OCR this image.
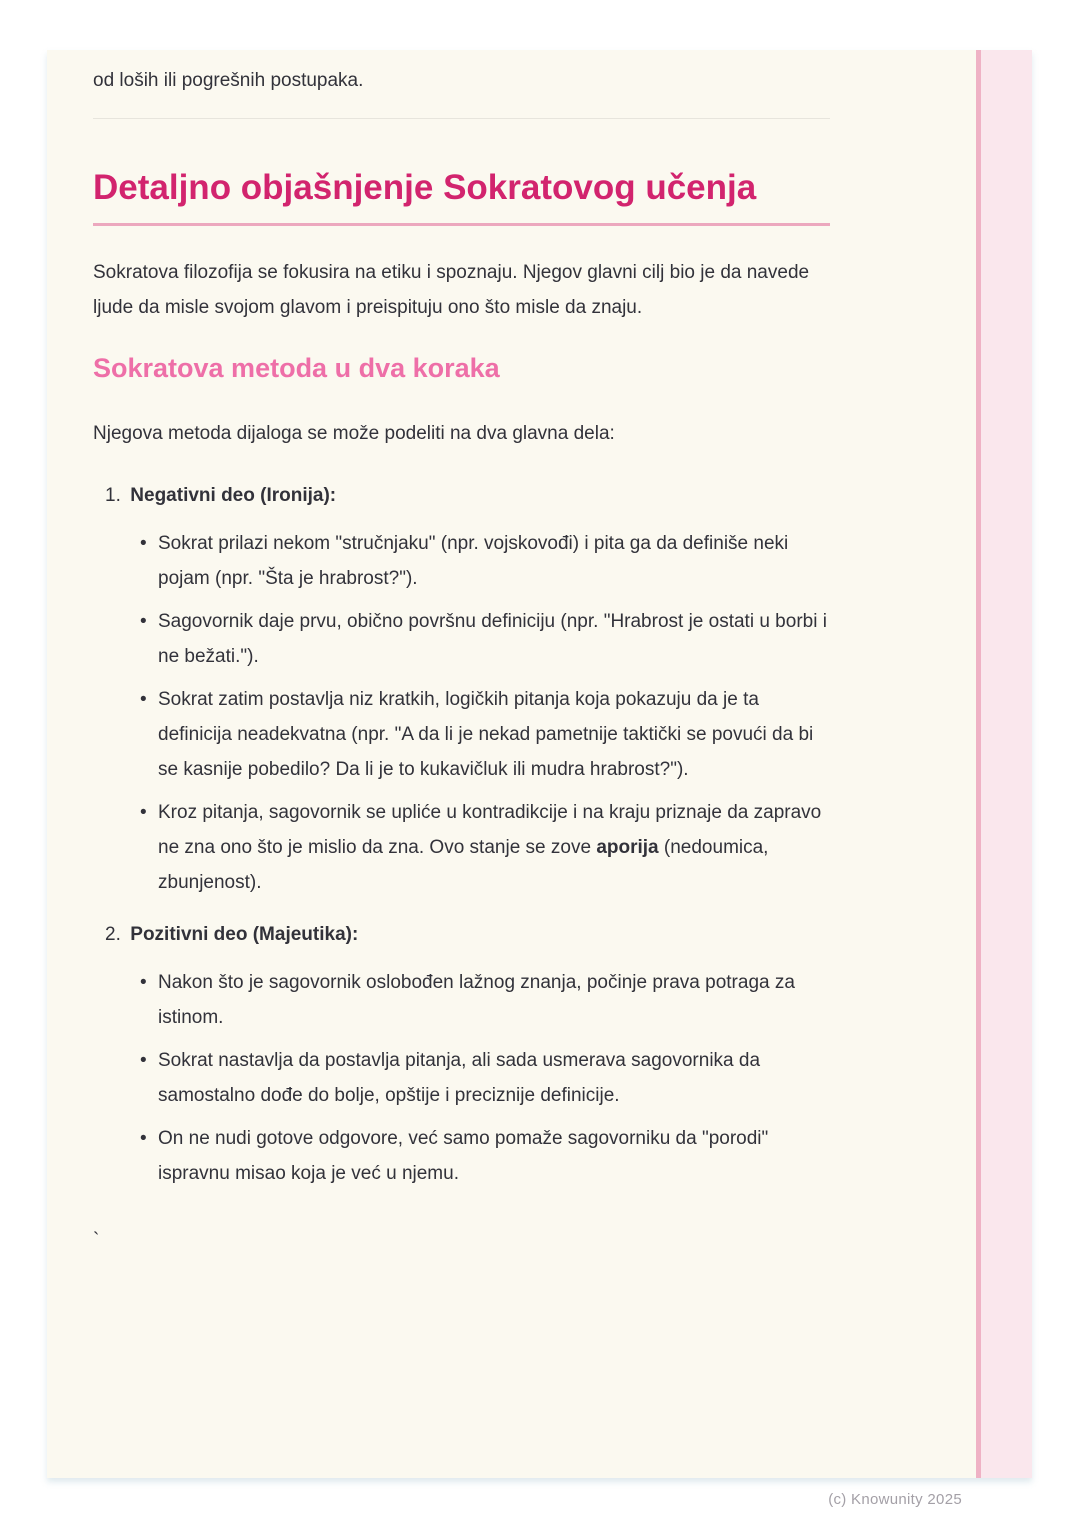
od loših ili pogrešnih postupaka.

Detaljno objašnjenje Sokratovog učenja

Sokratova filozofija se fokusira na etiku i spoznaju. Njegov glavni cilj bio je da navede ljude da misle svojom glavom i preispituju ono što misle da znaju.

Sokratova metoda u dva koraka

Njegova metoda dijaloga se može podeliti na dva glavna dela:

1. Negativni deo (Ironija):
• Sokrat prilazi nekom "stručnjaku" (npr. vojskovođi) i pita ga da definiše neki pojam (npr. "Šta je hrabrost?").
• Sagovornik daje prvu, obično površnu definiciju (npr. "Hrabrost je ostati u borbi i ne bežati.").
• Sokrat zatim postavlja niz kratkih, logičkih pitanja koja pokazuju da je ta definicija neadekvatna (npr. "A da li je nekad pametnije taktički se povući da bi se kasnije pobedilo? Da li je to kukavičluk ili mudra hrabrost?").
• Kroz pitanja, sagovornik se upliće u kontradikcije i na kraju priznaje da zapravo ne zna ono što je mislio da zna. Ovo stanje se zove aporija (nedoumica, zbunjenost).
2. Pozitivni deo (Majeutika):
• Nakon što je sagovornik oslobođen lažnog znanja, počinje prava potraga za istinom.
• Sokrat nastavlja da postavlja pitanja, ali sada usmerava sagovornika da samostalno dođe do bolje, opštije i preciznije definicije.
• On ne nudi gotove odgovore, već samo pomaže sagovorniku da "porodi" ispravnu misao koja je već u njemu.

`

(c) Knowunity 2025
